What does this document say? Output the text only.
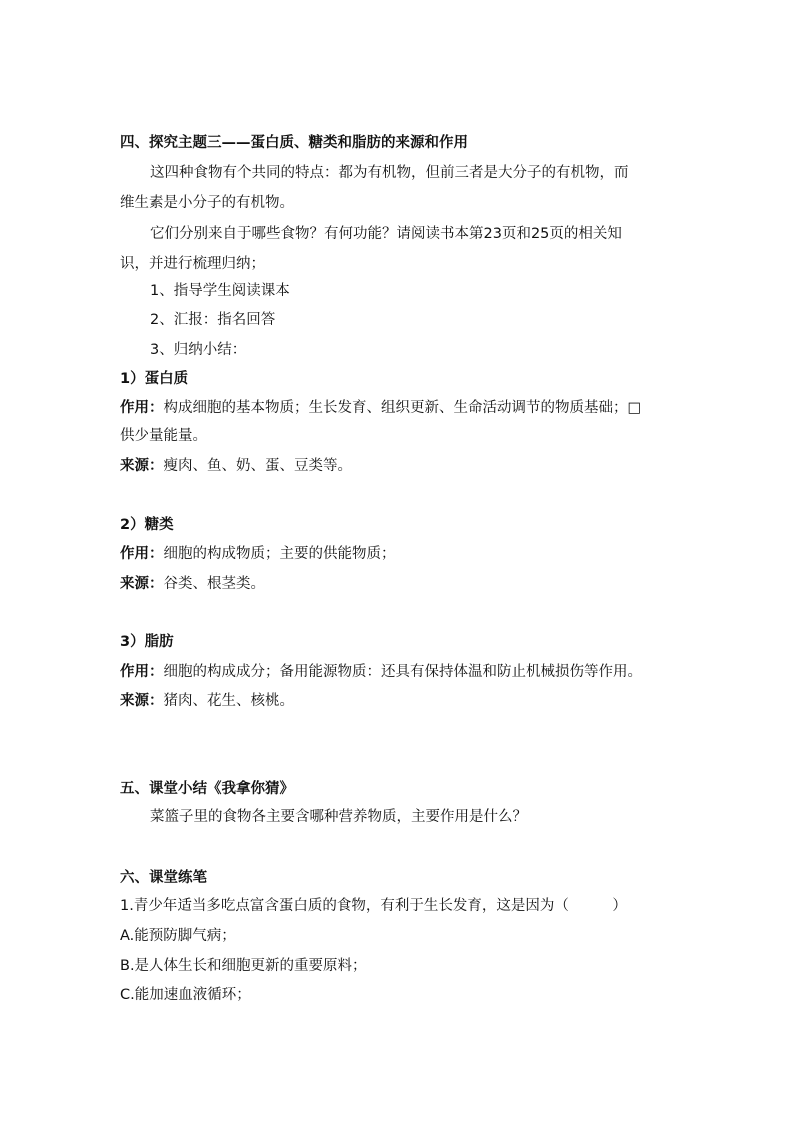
四、探究主题三——蛋白质、糖类和脂肪的来源和作用
这四种食物有个共同的特点：都为有机物，但前三者是大分子的有机物，而
维生素是小分子的有机物。
它们分别来自于哪些食物？有何功能？请阅读书本第23页和25页的相关知
识，并进行梳理归纳；
1、指导学生阅读课本
2、汇报：指名回答
3、归纳小结：
1）蛋白质
作用：构成细胞的基本物质；生长发育、组织更新、生命活动调节的物质基础；□
供少量能量。
来源：瘦肉、鱼、奶、蛋、豆类等。
2）糖类
作用：细胞的构成物质；主要的供能物质；
来源：谷类、根茎类。
3）脂肪
作用：细胞的构成成分；备用能源物质：还具有保持体温和防止机械损伤等作用。
来源：猪肉、花生、核桃。
五、课堂小结《我拿你猜》
菜篮子里的食物各主要含哪种营养物质，主要作用是什么？
六、课堂练笔
1.青少年适当多吃点富含蛋白质的食物，有利于生长发育，这是因为（　　　）
A.能预防脚气病；
B.是人体生长和细胞更新的重要原料；
C.能加速血液循环；
